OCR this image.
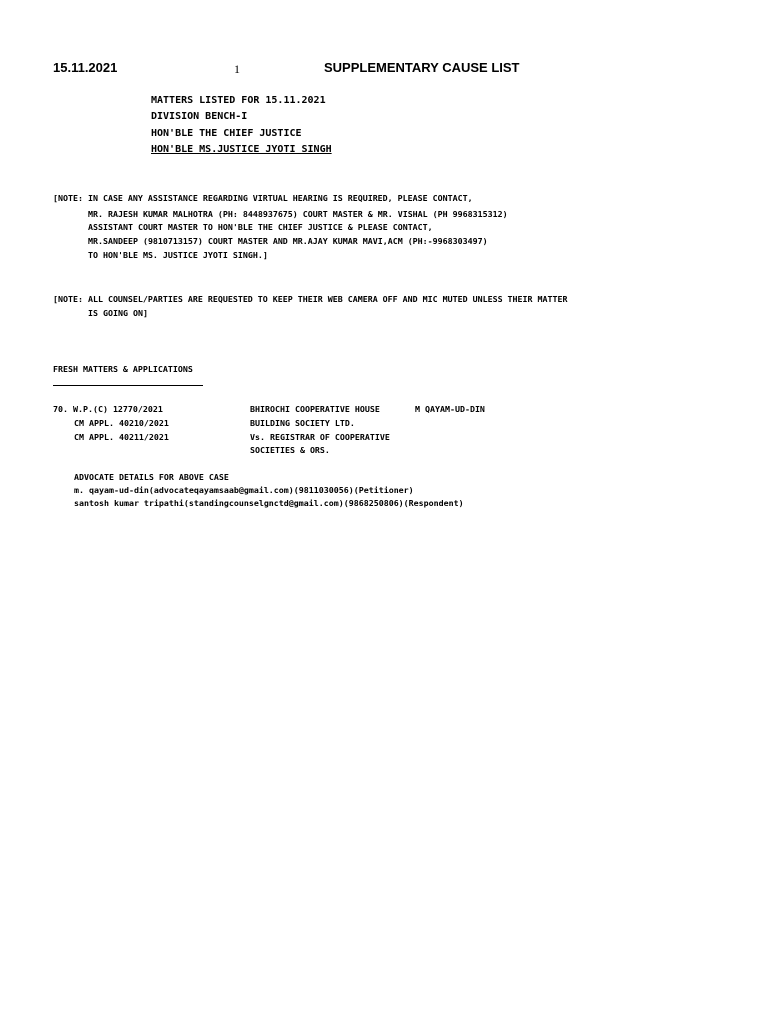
15.11.2021	1	SUPPLEMENTARY CAUSE LIST
MATTERS LISTED FOR 15.11.2021
DIVISION BENCH-I
HON'BLE THE CHIEF JUSTICE
HON'BLE MS.JUSTICE JYOTI SINGH
[NOTE: IN CASE ANY ASSISTANCE REGARDING VIRTUAL HEARING IS REQUIRED, PLEASE CONTACT,
MR. RAJESH KUMAR MALHOTRA (PH: 8448937675) COURT MASTER & MR. VISHAL (PH 9968315312)
ASSISTANT COURT MASTER TO HON'BLE THE CHIEF JUSTICE & PLEASE CONTACT,
MR.SANDEEP (9810713157) COURT MASTER AND MR.AJAY KUMAR MAVI,ACM (PH:-9968303497)
TO HON'BLE MS. JUSTICE JYOTI SINGH.]
[NOTE: ALL COUNSEL/PARTIES ARE REQUESTED TO KEEP THEIR WEB CAMERA OFF AND MIC MUTED UNLESS THEIR MATTER
IS GOING ON]
FRESH MATTERS & APPLICATIONS
70. W.P.(C) 12770/2021
CM APPL. 40210/2021
CM APPL. 40211/2021
BHIROCHI COOPERATIVE HOUSE
BUILDING SOCIETY LTD.
Vs. REGISTRAR OF COOPERATIVE
SOCIETIES & ORS.
M QAYAM-UD-DIN
ADVOCATE DETAILS FOR ABOVE CASE
m. qayam-ud-din(advocateqayamsaab@gmail.com)(9811030056)(Petitioner)
santosh kumar tripathi(standingcounselgnctd@gmail.com)(9868250806)(Respondent)
